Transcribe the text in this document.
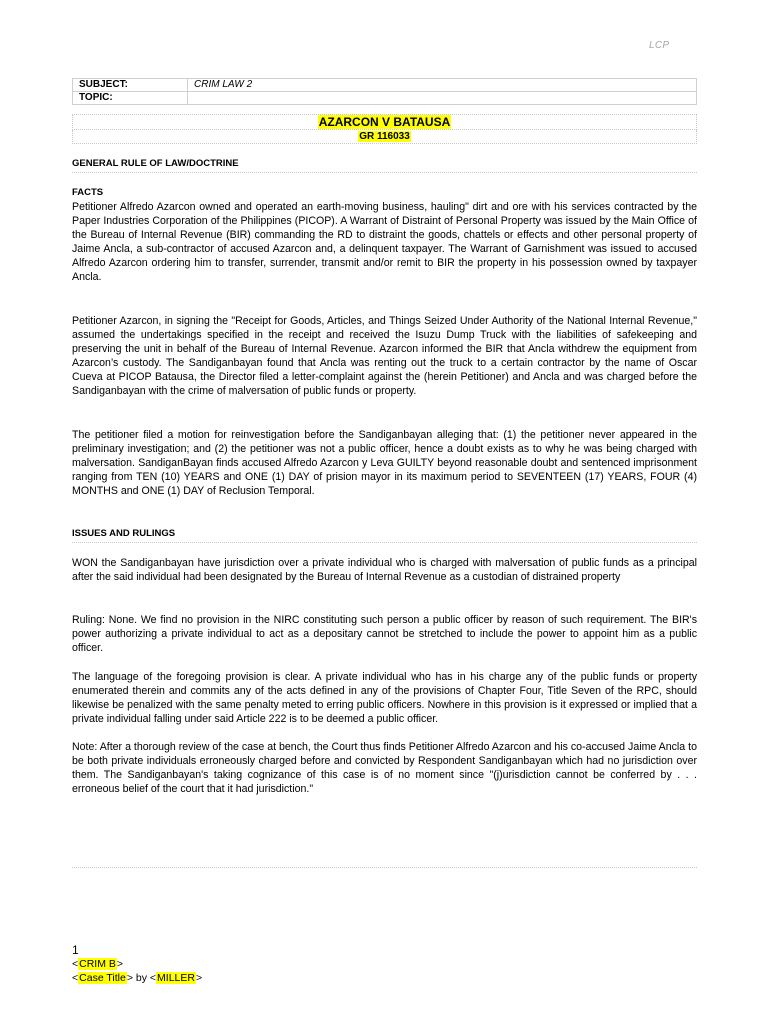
LCP
SUBJECT:	CRIM LAW 2
TOPIC:	
AZARCON V BATAUSA
GR 116033
GENERAL RULE OF LAW/DOCTRINE
FACTS

Petitioner Alfredo Azarcon owned and operated an earth-moving business, hauling" dirt and ore with his services contracted by the Paper Industries Corporation of the Philippines (PICOP). A Warrant of Distraint of Personal Property was issued by the Main Office of the Bureau of Internal Revenue (BIR) commanding the RD to distraint the goods, chattels or effects and other personal property of Jaime Ancla, a sub-contractor of accused Azarcon and, a delinquent taxpayer. The Warrant of Garnishment was issued to accused Alfredo Azarcon ordering him to transfer, surrender, transmit and/or remit to BIR the property in his possession owned by taxpayer Ancla.

Petitioner Azarcon, in signing the "Receipt for Goods, Articles, and Things Seized Under Authority of the National Internal Revenue," assumed the undertakings specified in the receipt and received the Isuzu Dump Truck with the liabilities of safekeeping and preserving the unit in behalf of the Bureau of Internal Revenue. Azarcon informed the BIR that Ancla withdrew the equipment from Azarcon’s custody. The Sandiganbayan found that Ancla was renting out the truck to a certain contractor by the name of Oscar Cueva at PICOP Batausa, the Director filed a letter-complaint against the (herein Petitioner) and Ancla and was charged before the Sandiganbayan with the crime of malversation of public funds or property.

The petitioner filed a motion for reinvestigation before the Sandiganbayan alleging that: (1) the petitioner never appeared in the preliminary investigation; and (2) the petitioner was not a public officer, hence a doubt exists as to why he was being charged with malversation. SandiganBayan finds accused Alfredo Azarcon y Leva GUILTY beyond reasonable doubt and sentenced imprisonment ranging from TEN (10) YEARS and ONE (1) DAY of prision mayor in its maximum period to SEVENTEEN (17) YEARS, FOUR (4) MONTHS and ONE (1) DAY of Reclusion Temporal.

ISSUES AND RULINGS

WON the Sandiganbayan have jurisdiction over a private individual who is charged with malversation of public funds as a principal after the said individual had been designated by the Bureau of Internal Revenue as a custodian of distrained property

Ruling: None. We find no provision in the NIRC constituting such person a public officer by reason of such requirement. The BIR's power authorizing a private individual to act as a depositary cannot be stretched to include the power to appoint him as a public officer.

The language of the foregoing provision is clear. A private individual who has in his charge any of the public funds or property enumerated therein and commits any of the acts defined in any of the provisions of Chapter Four, Title Seven of the RPC, should likewise be penalized with the same penalty meted to erring public officers. Nowhere in this provision is it expressed or implied that a private individual falling under said Article 222 is to be deemed a public officer.

Note: After a thorough review of the case at bench, the Court thus finds Petitioner Alfredo Azarcon and his co-accused Jaime Ancla to be both private individuals erroneously charged before and convicted by Respondent Sandiganbayan which had no jurisdiction over them. The Sandiganbayan's taking cognizance of this case is of no moment since "(j)urisdiction cannot be conferred by . . . erroneous belief of the court that it had jurisdiction."

1
<CRIM B>
<Case Title> by <MILLER>
